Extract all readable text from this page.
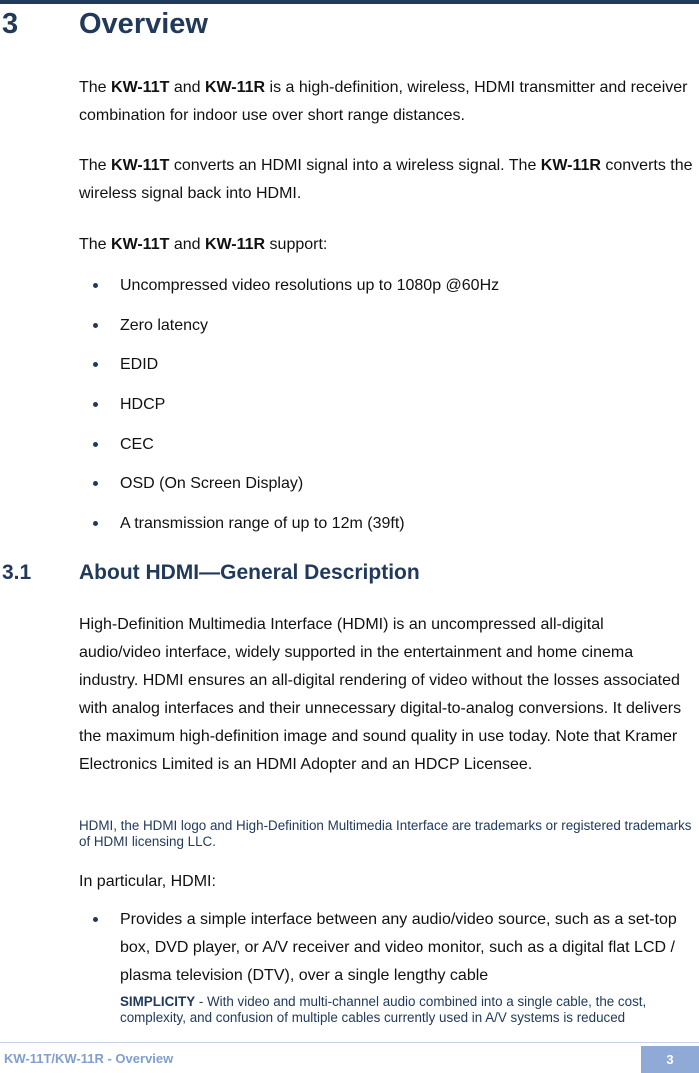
3 Overview

The KW-11T and KW-11R is a high-definition, wireless, HDMI transmitter and receiver combination for indoor use over short range distances.

The KW-11T converts an HDMI signal into a wireless signal. The KW-11R converts the wireless signal back into HDMI.

The KW-11T and KW-11R support:

Uncompressed video resolutions up to 1080p @60Hz
Zero latency
EDID
HDCP
CEC
OSD (On Screen Display)
A transmission range of up to 12m (39ft)
3.1 About HDMI—General Description

High-Definition Multimedia Interface (HDMI) is an uncompressed all-digital audio/video interface, widely supported in the entertainment and home cinema industry. HDMI ensures an all-digital rendering of video without the losses associated with analog interfaces and their unnecessary digital-to-analog conversions. It delivers the maximum high-definition image and sound quality in use today. Note that Kramer Electronics Limited is an HDMI Adopter and an HDCP Licensee.

HDMI, the HDMI logo and High-Definition Multimedia Interface are trademarks or registered trademarks of HDMI licensing LLC.

In particular, HDMI:

Provides a simple interface between any audio/video source, such as a set-top box, DVD player, or A/V receiver and video monitor, such as a digital flat LCD / plasma television (DTV), over a single lengthy cable

SIMPLICITY - With video and multi-channel audio combined into a single cable, the cost, complexity, and confusion of multiple cables currently used in A/V systems is reduced

KW-11T/KW-11R - Overview	3
